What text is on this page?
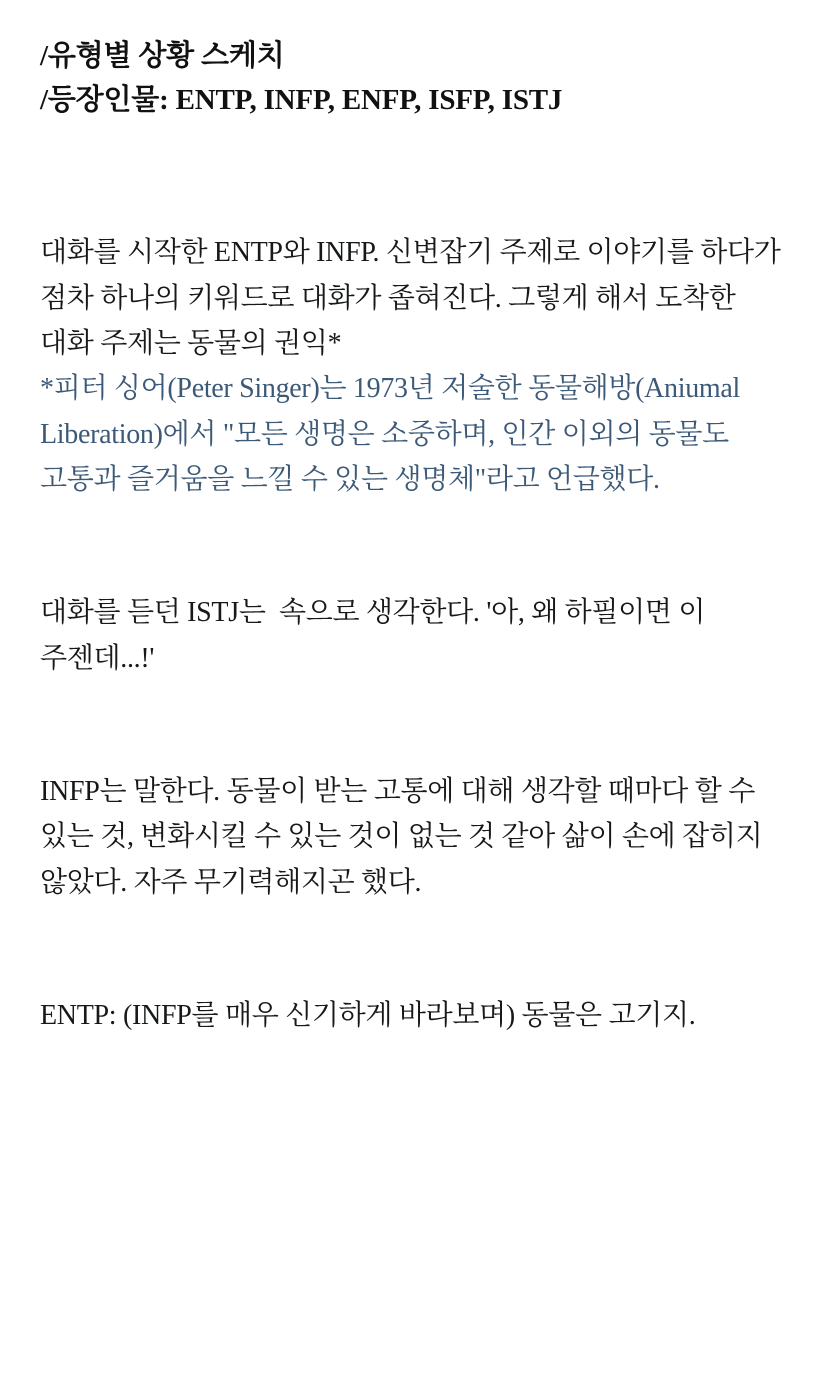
/유형별 상황 스케치
/등장인물: ENTP, INFP, ENFP, ISFP, ISTJ

대화를 시작한 ENTP와 INFP. 신변잡기 주제로 이야기를 하다가 점차 하나의 키워드로 대화가 좁혀진다. 그렇게 해서 도착한 대화 주제는 동물의 권익*

*피터 싱어(Peter Singer)는 1973년 저술한 동물해방(Aniumal Liberation)에서 "모든 생명은 소중하며, 인간 이외의 동물도 고통과 즐거움을 느낄 수 있는 생명체"라고 언급했다.

대화를 듣던 ISTJ는  속으로 생각한다. '아, 왜 하필이면 이 주젠데...!'

INFP는 말한다. 동물이 받는 고통에 대해 생각할 때마다 할 수 있는 것, 변화시킬 수 있는 것이 없는 것 같아 삶이 손에 잡히지 않았다. 자주 무기력해지곤 했다.

ENTP: (INFP를 매우 신기하게 바라보며) 동물은 고기지.
